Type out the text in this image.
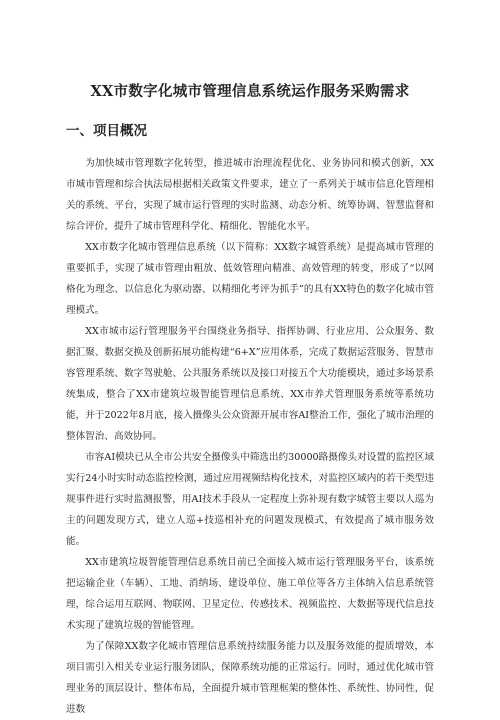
XX市数字化城市管理信息系统运作服务采购需求
一、项目概况

为加快城市管理数字化转型，推进城市治理流程优化、业务协同和模式创新，XX市城市管理和综合执法局根据相关政策文件要求，建立了一系列关于城市信息化管理相关的系统、平台，实现了城市运行管理的实时监测、动态分析、统筹协调、智慧监督和综合评价，提升了城市管理科学化、精细化、智能化水平。

XX市数字化城市管理信息系统（以下简称：XX数字城管系统）是提高城市管理的重要抓手，实现了城市管理由粗放、低效管理向精准、高效管理的转变，形成了“以网格化为理念、以信息化为驱动器、以精细化考评为抓手”的具有XX特色的数字化城市管理模式。

XX市城市运行管理服务平台围绕业务指导、指挥协调、行业应用、公众服务、数据汇聚、数据交换及创新拓展功能构建“6+X”应用体系，完成了数据运营服务、智慧市容管理系统、数字驾驶舱、公共服务系统以及接口对接五个大功能模块，通过多场景系统集成，整合了XX市建筑垃圾智能管理信息系统、XX市养犬管理服务系统等系统功能，并于2022年8月底，接入摄像头公众资源开展市容AI整治工作，强化了城市治理的整体智治、高效协同。

市容AI模块已从全市公共安全摄像头中筛选出约30000路摄像头对设置的监控区域实行24小时实时动态监控检测，通过应用视频结构化技术，对监控区域内的若干类型违规事件进行实时监测报警，用AI技术手段从一定程度上弥补现有数字城管主要以人巡为主的问题发现方式，建立人巡+技巡相补充的问题发现模式，有效提高了城市服务效能。

XX市建筑垃圾智能管理信息系统目前已全面接入城市运行管理服务平台，该系统把运输企业（车辆）、工地、消纳场、建设单位、施工单位等各方主体纳入信息系统管理，综合运用互联网、物联网、卫星定位、传感技术、视频监控、大数据等现代信息技术实现了建筑垃圾的智能管理。

为了保障XX数字化城市管理信息系统持续服务能力以及服务效能的提质增效，本项目需引入相关专业运行服务团队，保障系统功能的正常运行。同时，通过优化城市管理业务的顶层设计、整体布局，全面提升城市管理框架的整体性、系统性、协同性，促进数
